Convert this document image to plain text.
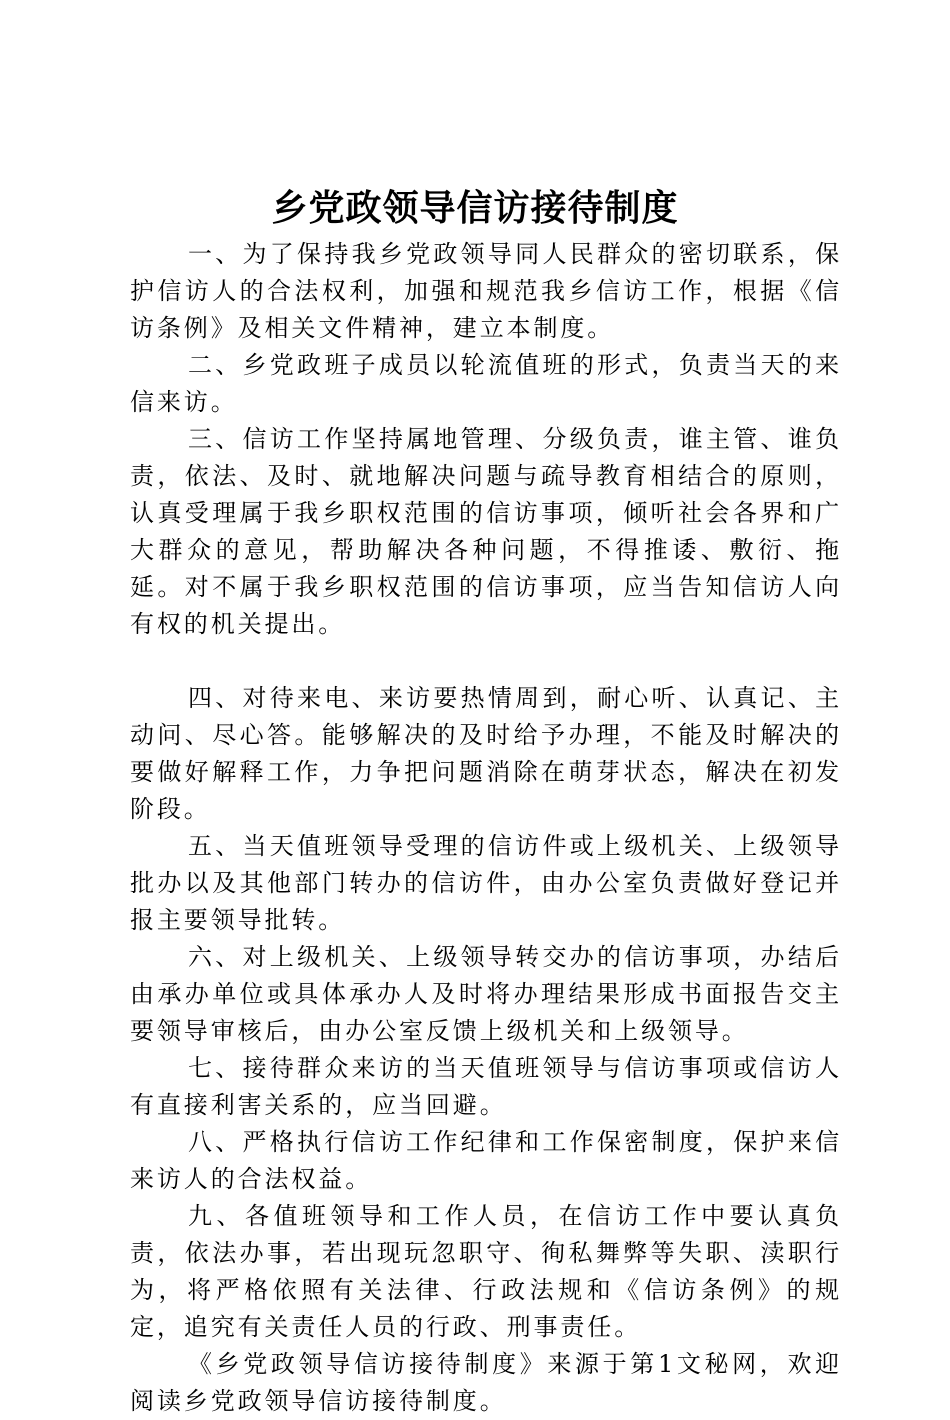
乡党政领导信访接待制度

一、为了保持我乡党政领导同人民群众的密切联系，保护信访人的合法权利，加强和规范我乡信访工作，根据《信访条例》及相关文件精神，建立本制度。

二、乡党政班子成员以轮流值班的形式，负责当天的来信来访。

三、信访工作坚持属地管理、分级负责，谁主管、谁负责，依法、及时、就地解决问题与疏导教育相结合的原则，认真受理属于我乡职权范围的信访事项，倾听社会各界和广大群众的意见，帮助解决各种问题，不得推诿、敷衍、拖延。对不属于我乡职权范围的信访事项，应当告知信访人向有权的机关提出。

四、对待来电、来访要热情周到，耐心听、认真记、主动问、尽心答。能够解决的及时给予办理，不能及时解决的要做好解释工作，力争把问题消除在萌芽状态，解决在初发阶段。

五、当天值班领导受理的信访件或上级机关、上级领导批办以及其他部门转办的信访件，由办公室负责做好登记并报主要领导批转。

六、对上级机关、上级领导转交办的信访事项，办结后由承办单位或具体承办人及时将办理结果形成书面报告交主要领导审核后，由办公室反馈上级机关和上级领导。

七、接待群众来访的当天值班领导与信访事项或信访人有直接利害关系的，应当回避。

八、严格执行信访工作纪律和工作保密制度，保护来信来访人的合法权益。

九、各值班领导和工作人员，在信访工作中要认真负责，依法办事，若出现玩忽职守、徇私舞弊等失职、渎职行为，将严格依照有关法律、行政法规和《信访条例》的规定，追究有关责任人员的行政、刑事责任。

《乡党政领导信访接待制度》来源于第1文秘网，欢迎阅读乡党政领导信访接待制度。
